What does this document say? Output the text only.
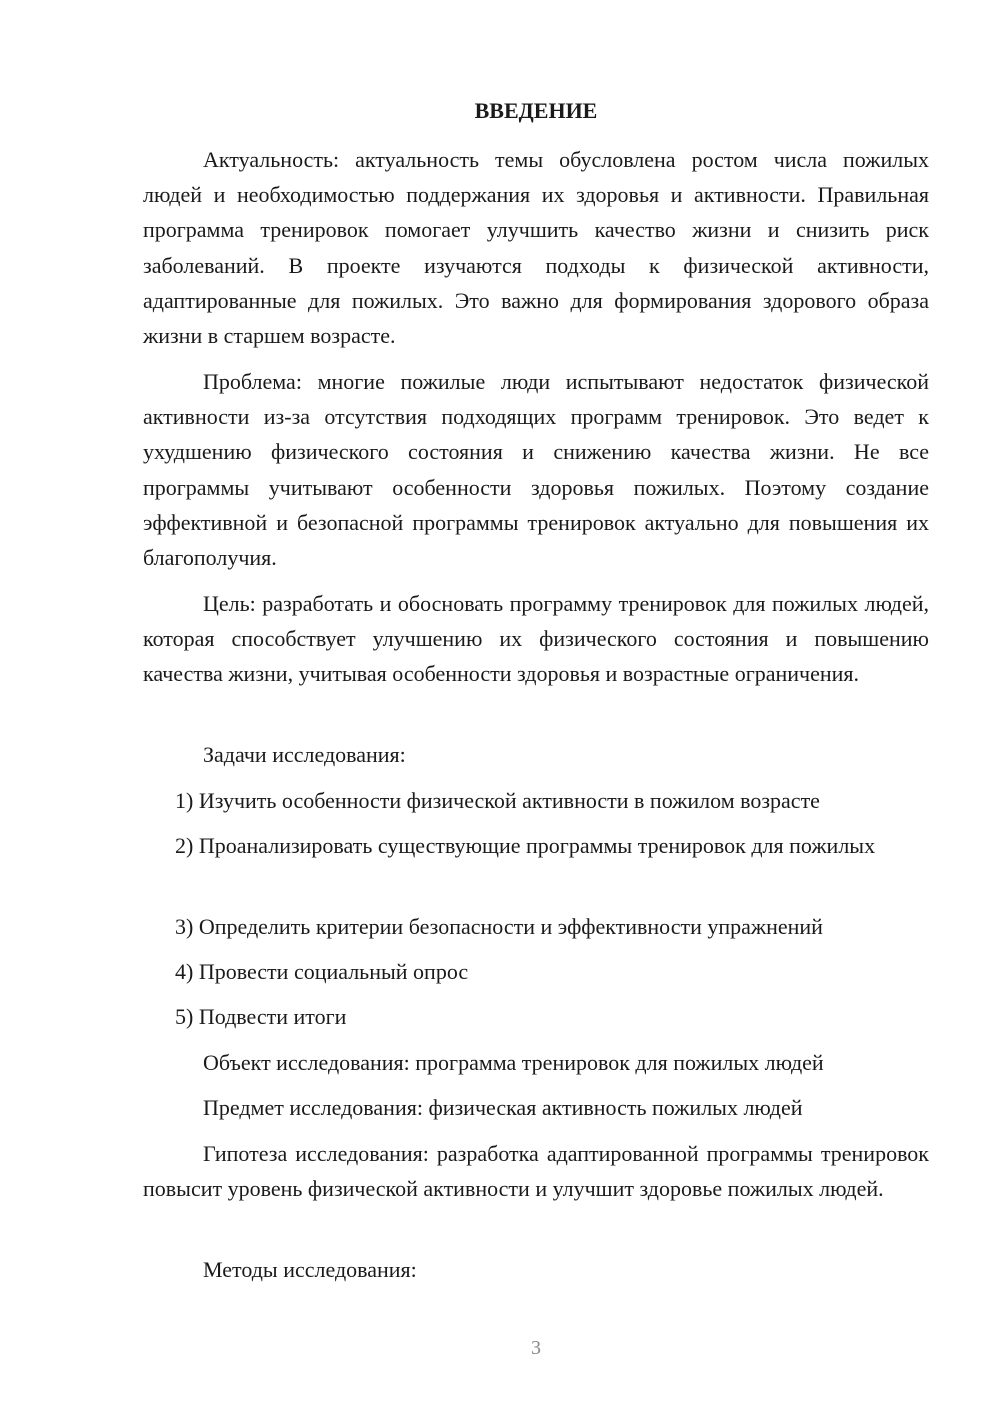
ВВЕДЕНИЕ

Актуальность: актуальность темы обусловлена ростом числа пожилых людей и необходимостью поддержания их здоровья и активности. Правильная программа тренировок помогает улучшить качество жизни и снизить риск заболеваний. В проекте изучаются подходы к физической активности, адаптированные для пожилых. Это важно для формирования здорового образа жизни в старшем возрасте.

Проблема: многие пожилые люди испытывают недостаток физической активности из-за отсутствия подходящих программ тренировок. Это ведет к ухудшению физического состояния и снижению качества жизни. Не все программы учитывают особенности здоровья пожилых. Поэтому создание эффективной и безопасной программы тренировок актуально для повышения их благополучия.

Цель: разработать и обосновать программу тренировок для пожилых людей, которая способствует улучшению их физического состояния и повышению качества жизни, учитывая особенности здоровья и возрастные ограничения.

Задачи исследования:

1) Изучить особенности физической активности в пожилом возрасте

2) Проанализировать существующие программы тренировок для пожилых

3) Определить критерии безопасности и эффективности упражнений

4) Провести социальный опрос

5) Подвести итоги

Объект исследования: программа тренировок для пожилых людей

Предмет исследования: физическая активность пожилых людей

Гипотеза исследования: разработка адаптированной программы тренировок повысит уровень физической активности и улучшит здоровье пожилых людей.

Методы исследования:

3
